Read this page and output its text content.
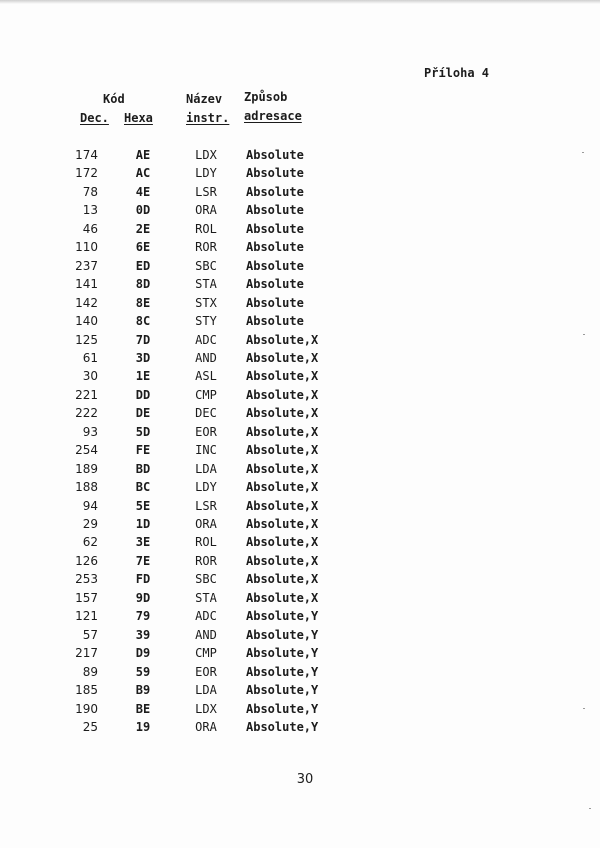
Příloha 4
Kód
Dec. Hexa
Název
instr.
Způsob
adresace
174	AE	LDX	Absolute
172	AC	LDY	Absolute
78	4E	LSR	Absolute
13	0D	ORA	Absolute
46	2E	ROL	Absolute
110	6E	ROR	Absolute
237	ED	SBC	Absolute
141	8D	STA	Absolute
142	8E	STX	Absolute
140	8C	STY	Absolute
125	7D	ADC	Absolute,X
61	3D	AND	Absolute,X
30	1E	ASL	Absolute,X
221	DD	CMP	Absolute,X
222	DE	DEC	Absolute,X
93	5D	EOR	Absolute,X
254	FE	INC	Absolute,X
189	BD	LDA	Absolute,X
188	BC	LDY	Absolute,X
94	5E	LSR	Absolute,X
29	1D	ORA	Absolute,X
62	3E	ROL	Absolute,X
126	7E	ROR	Absolute,X
253	FD	SBC	Absolute,X
157	9D	STA	Absolute,X
121	79	ADC	Absolute,Y
57	39	AND	Absolute,Y
217	D9	CMP	Absolute,Y
89	59	EOR	Absolute,Y
185	B9	LDA	Absolute,Y
190	BE	LDX	Absolute,Y
25	19	ORA	Absolute,Y
30
